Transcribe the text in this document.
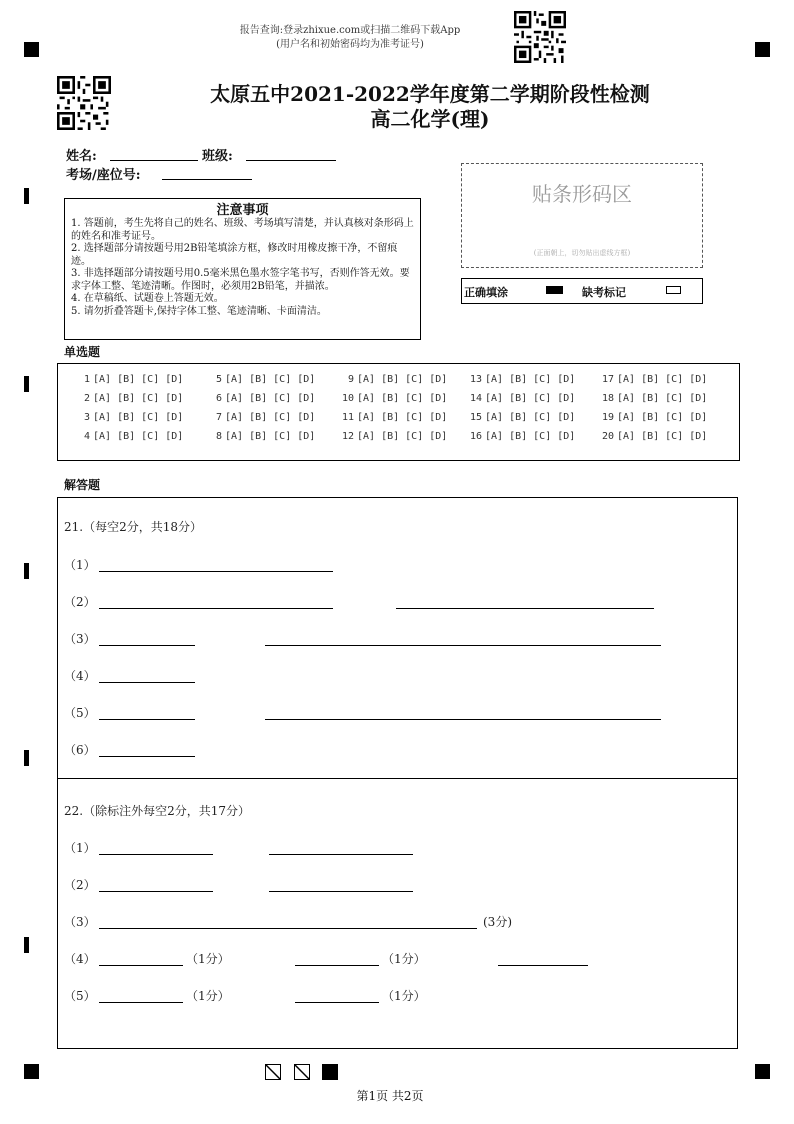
报告查询:登录zhixue.com或扫描二维码下载App
(用户名和初始密码均为准考证号)
太原五中2021-2022学年度第二学期阶段性检测
高二化学(理)
姓名:	班级:
考场/座位号:
贴条形码区
(正面朝上，切勿贴出虚线方框)
正确填涂	缺考标记
注意事项
1. 答题前，考生先将自己的姓名、班级、考场填写清楚，并认真核对条形码上的姓名和准考证号。
2. 选择题部分请按题号用2B铅笔填涂方框，修改时用橡皮擦干净，不留痕迹。
3. 非选择题部分请按题号用0.5毫米黑色墨水签字笔书写，否则作答无效。要求字体工整、笔迹清晰。作图时，必须用2B铅笔，并描浓。
4. 在草稿纸、试题卷上答题无效。
5. 请勿折叠答题卡,保持字体工整、笔迹清晰、卡面清洁。
单选题
1 [A] [B] [C] [D]
2 [A] [B] [C] [D]
3 [A] [B] [C] [D]
4 [A] [B] [C] [D]
5 [A] [B] [C] [D]
6 [A] [B] [C] [D]
7 [A] [B] [C] [D]
8 [A] [B] [C] [D]
9 [A] [B] [C] [D]
10 [A] [B] [C] [D]
11 [A] [B] [C] [D]
12 [A] [B] [C] [D]
13 [A] [B] [C] [D]
14 [A] [B] [C] [D]
15 [A] [B] [C] [D]
16 [A] [B] [C] [D]
17 [A] [B] [C] [D]
18 [A] [B] [C] [D]
19 [A] [B] [C] [D]
20 [A] [B] [C] [D]
解答题
21.（每空2分，共18分）
（1）
（2）
（3）
（4）
（5）
（6）
22.（除标注外每空2分，共17分）
（1）
（2）
（3）	(3分)
（4）	（1分）	（1分）
（5）	（1分）	（1分）
第1页 共2页
